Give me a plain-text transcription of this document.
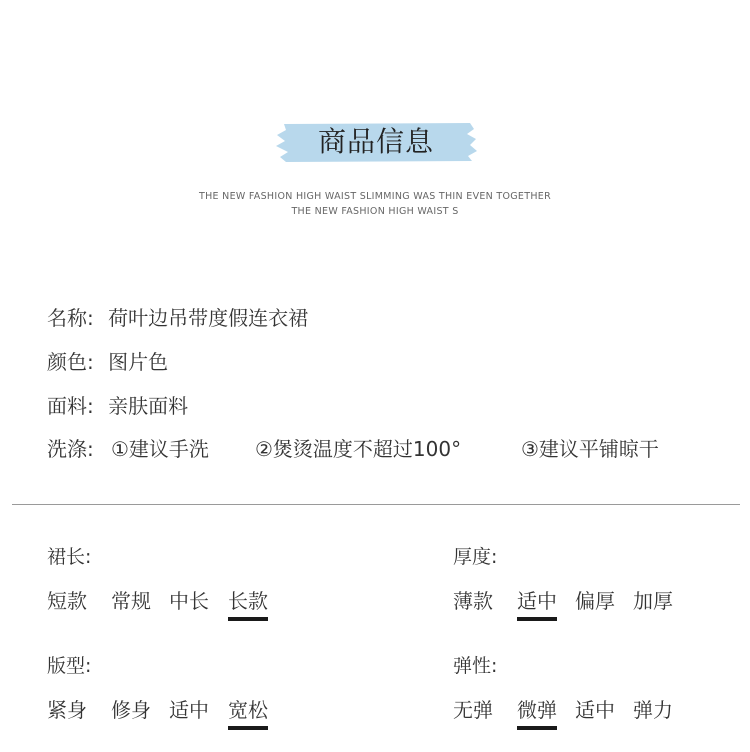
商品信息
THE NEW FASHION HIGH WAIST SLIMMING WAS THIN EVEN TOGETHER
THE NEW FASHION HIGH WAIST S
名称: 荷叶边吊带度假连衣裙
颜色: 图片色
面料: 亲肤面料
洗涤: ①建议手洗 ②煲烫温度不超过100°	③建议平铺晾干
裙长:
短款 常规 中长 长款
厚度:
薄款 适中 偏厚 加厚
版型:
紧身 修身 适中 宽松
弹性:
无弹 微弹 适中 弹力
